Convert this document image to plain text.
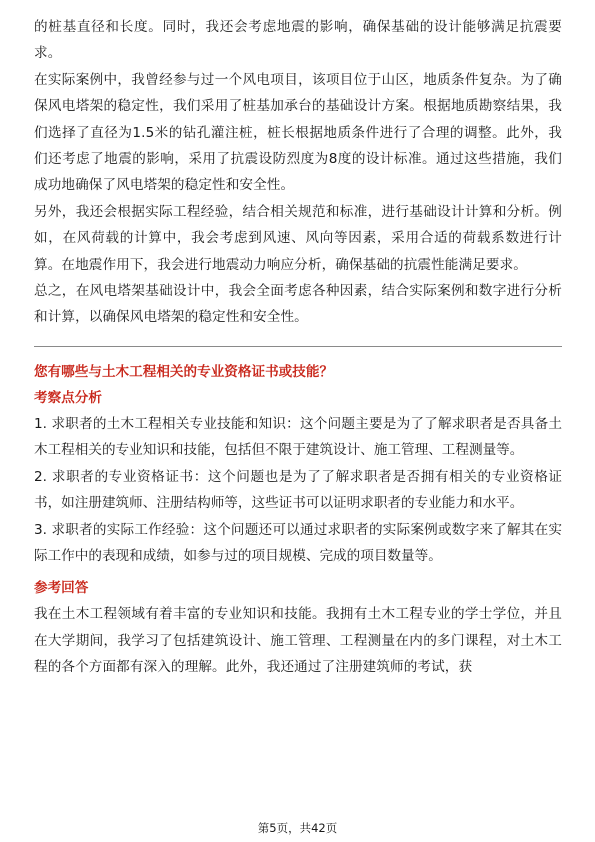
的桩基直径和长度。同时，我还会考虑地震的影响，确保基础的设计能够满足抗震要求。

在实际案例中，我曾经参与过一个风电项目，该项目位于山区，地质条件复杂。为了确保风电塔架的稳定性，我们采用了桩基加承台的基础设计方案。根据地质勘察结果，我们选择了直径为1.5米的钻孔灌注桩，桩长根据地质条件进行了合理的调整。此外，我们还考虑了地震的影响，采用了抗震设防烈度为8度的设计标准。通过这些措施，我们成功地确保了风电塔架的稳定性和安全性。

另外，我还会根据实际工程经验，结合相关规范和标准，进行基础设计计算和分析。例如，在风荷载的计算中，我会考虑到风速、风向等因素，采用合适的荷载系数进行计算。在地震作用下，我会进行地震动力响应分析，确保基础的抗震性能满足要求。

总之，在风电塔架基础设计中，我会全面考虑各种因素，结合实际案例和数字进行分析和计算，以确保风电塔架的稳定性和安全性。

您有哪些与土木工程相关的专业资格证书或技能？

考察点分析

1. 求职者的土木工程相关专业技能和知识：这个问题主要是为了了解求职者是否具备土木工程相关的专业知识和技能，包括但不限于建筑设计、施工管理、工程测量等。

2. 求职者的专业资格证书：这个问题也是为了了解求职者是否拥有相关的专业资格证书，如注册建筑师、注册结构师等，这些证书可以证明求职者的专业能力和水平。

3. 求职者的实际工作经验：这个问题还可以通过求职者的实际案例或数字来了解其在实际工作中的表现和成绩，如参与过的项目规模、完成的项目数量等。

参考回答

我在土木工程领域有着丰富的专业知识和技能。我拥有土木工程专业的学士学位，并且在大学期间，我学习了包括建筑设计、施工管理、工程测量在内的多门课程，对土木工程的各个方面都有深入的理解。此外，我还通过了注册建筑师的考试，获

第5页，共42页
